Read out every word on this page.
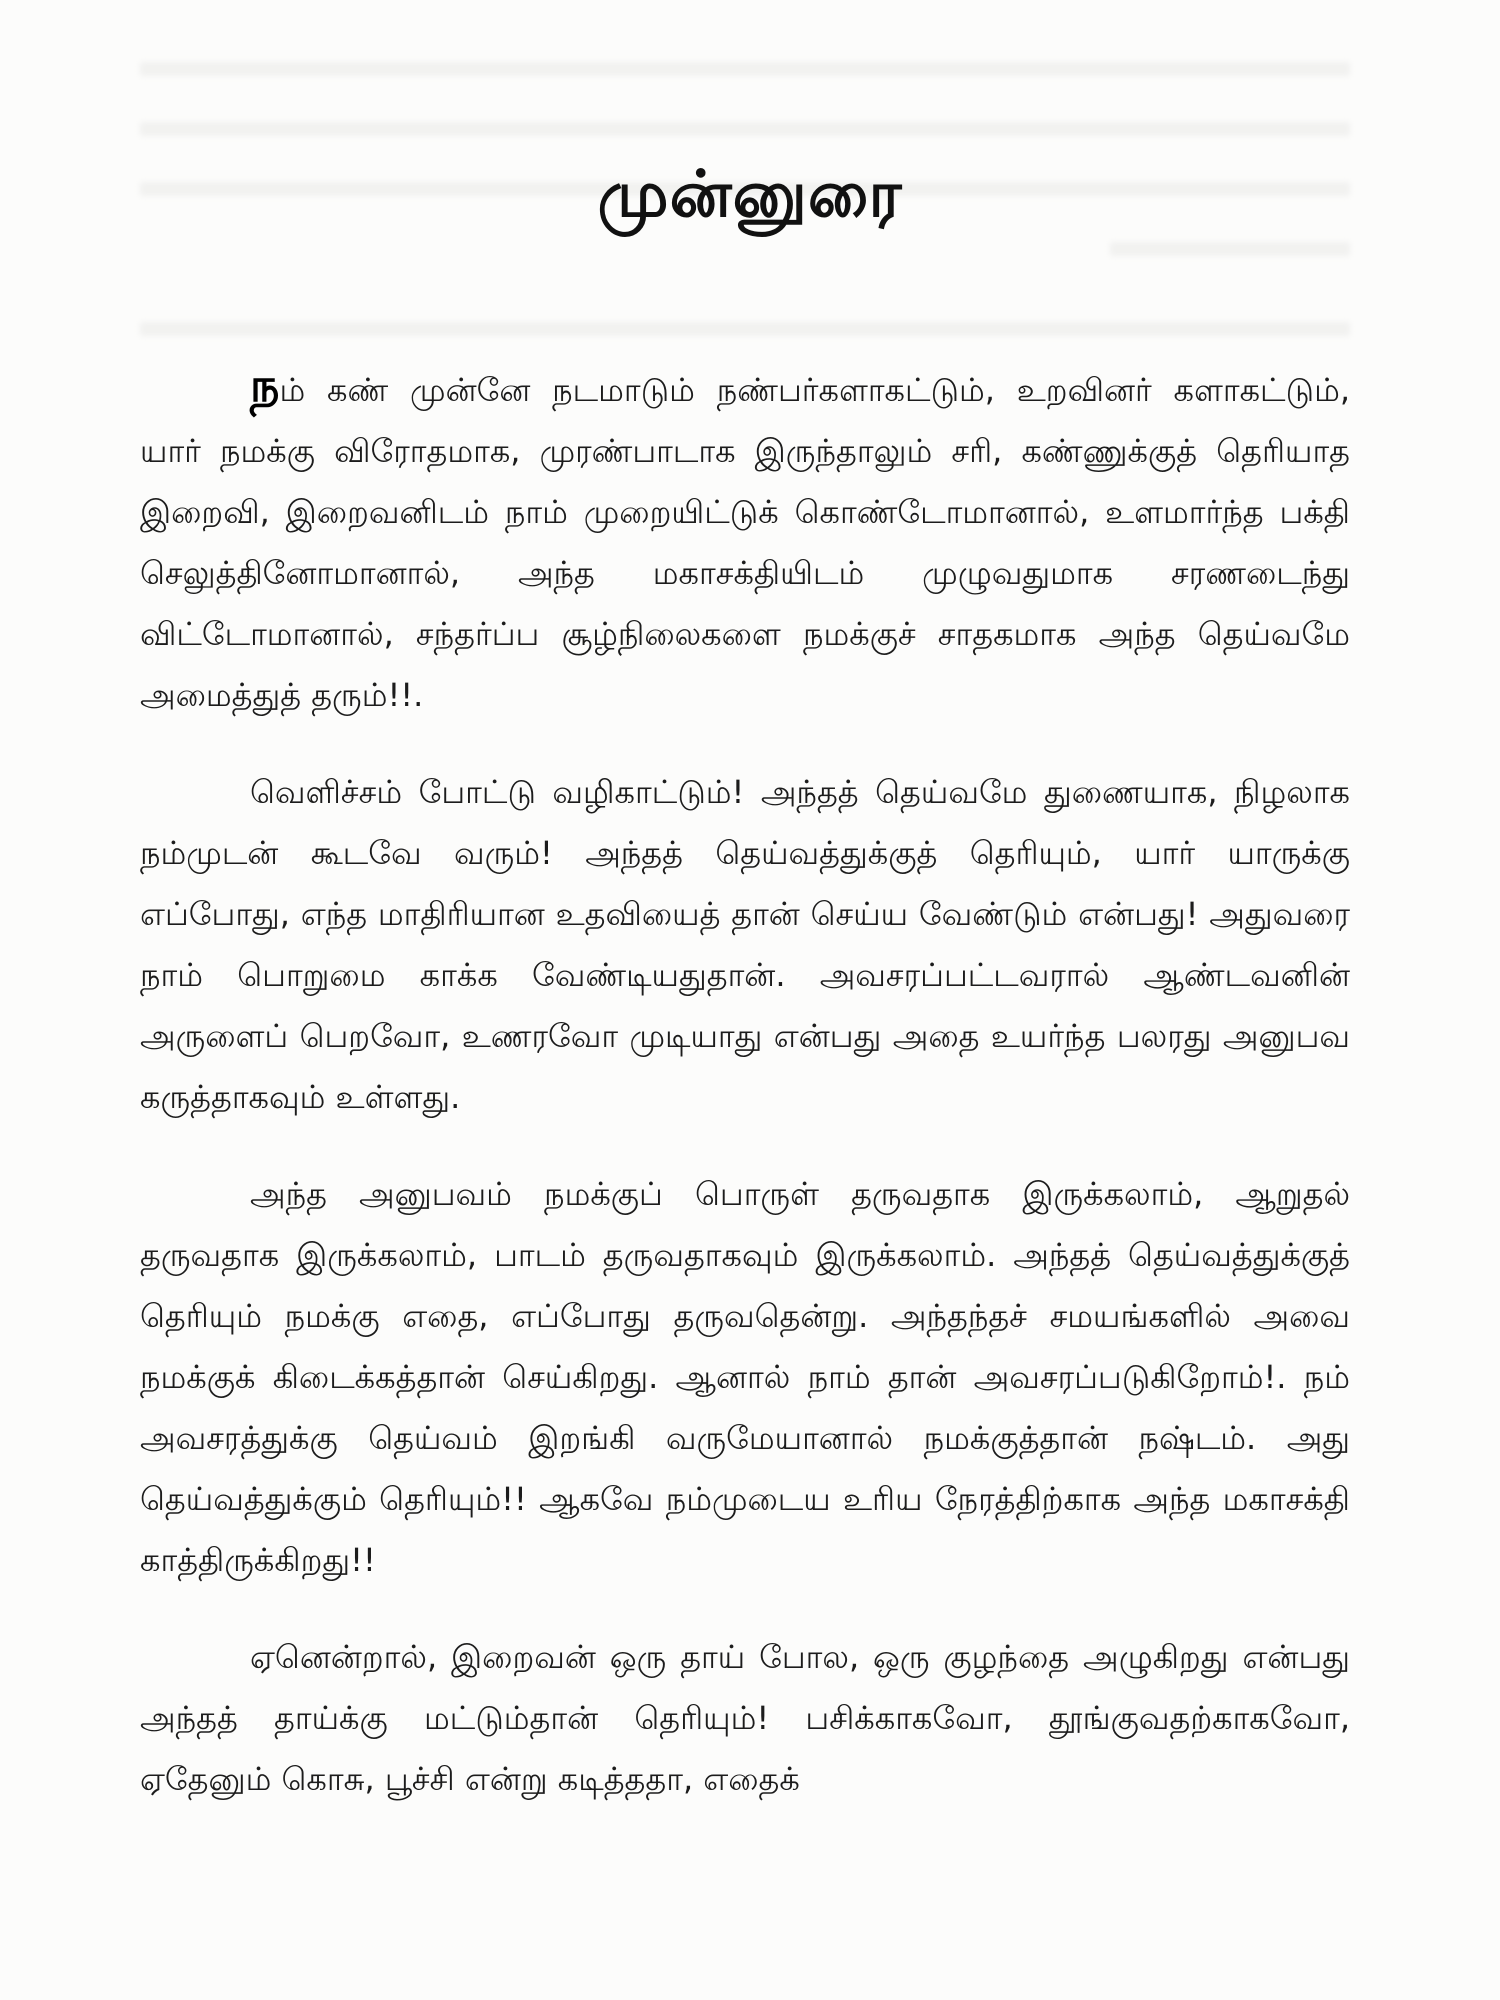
முன்னுரை

நம் கண் முன்னே நடமாடும் நண்பர்களாகட்டும், உறவினர் களாகட்டும், யார் நமக்கு விரோதமாக, முரண்பாடாக இருந்தாலும் சரி, கண்ணுக்குத் தெரியாத இறைவி, இறைவனிடம் நாம் முறையிட்டுக் கொண்டோமானால், உளமார்ந்த பக்தி செலுத்தினோமானால், அந்த மகாசக்தியிடம் முழுவதுமாக சரணடைந்து விட்டோமானால், சந்தர்ப்ப சூழ்நிலைகளை நமக்குச் சாதகமாக அந்த தெய்வமே அமைத்துத் தரும்!!.

வெளிச்சம் போட்டு வழிகாட்டும்! அந்தத் தெய்வமே துணையாக, நிழலாக நம்முடன் கூடவே வரும்! அந்தத் தெய்வத்துக்குத் தெரியும், யார் யாருக்கு எப்போது, எந்த மாதிரியான உதவியைத் தான் செய்ய வேண்டும் என்பது! அதுவரை நாம் பொறுமை காக்க வேண்டியதுதான். அவசரப்பட்டவரால் ஆண்டவனின் அருளைப் பெறவோ, உணரவோ முடியாது என்பது அதை உயர்ந்த பலரது அனுபவ கருத்தாகவும் உள்ளது.

அந்த அனுபவம் நமக்குப் பொருள் தருவதாக இருக்கலாம், ஆறுதல் தருவதாக இருக்கலாம், பாடம் தருவதாகவும் இருக்கலாம். அந்தத் தெய்வத்துக்குத் தெரியும் நமக்கு எதை, எப்போது தருவதென்று. அந்தந்தச் சமயங்களில் அவை நமக்குக் கிடைக்கத்தான் செய்கிறது. ஆனால் நாம் தான் அவசரப்படுகிறோம்!. நம் அவசரத்துக்கு தெய்வம் இறங்கி வருமேயானால் நமக்குத்தான் நஷ்டம். அது தெய்வத்துக்கும் தெரியும்!! ஆகவே நம்முடைய உரிய நேரத்திற்காக அந்த மகாசக்தி காத்திருக்கிறது!!

ஏனென்றால், இறைவன் ஒரு தாய் போல, ஒரு குழந்தை அழுகிறது என்பது அந்தத் தாய்க்கு மட்டும்தான் தெரியும்! பசிக்காகவோ, தூங்குவதற்காகவோ, ஏதேனும் கொசு, பூச்சி என்று கடித்ததா, எதைக்
